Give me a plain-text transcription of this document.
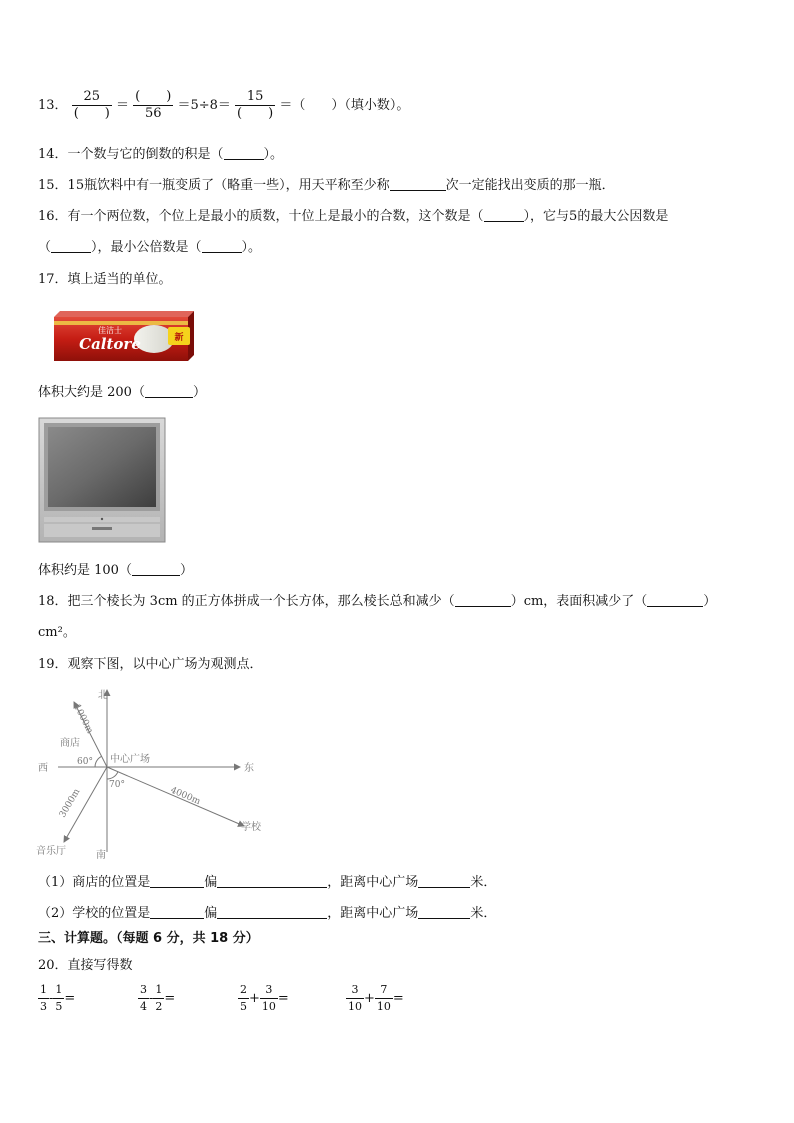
13． $\frac{25}{( )} = \frac{( )}{56} =5\div 8= \frac{15}{( )}$ ＝（　　）（填小数）。
14．一个数与它的倒数的积是（	）。
15．15瓶饮料中有一瓶变质了（略重一些），用天平称至少称	次一定能找出变质的那一瓶．
16．有一个两位数，个位上是最小的质数，十位上是最小的合数，这个数是（	），它与5的最大公因数是
（	），最小公倍数是（	）。
17．填上适当的单位。
新
佳洁士
Caltore
体积大约是 200（	）
体积约是 100（	）
18．把三个棱长为 3cm 的正方体拼成一个长方体，那么棱长总和减少（	）cm，表面积减少了（	）
cm²。
19．观察下图，以中心广场为观测点．
北
南
东
西
中心广场
商店
学校
音乐厅
1000m
4000m
3000m
60°
70°
（1）商店的位置是	偏	，距离中心广场	米．
（2）学校的位置是	偏	，距离中心广场	米．
三、计算题。（每题 6 分，共 18 分）
20．直接写得数
$\frac{1}{3} - \frac{1}{5}$ =	$\frac{3}{4} - \frac{1}{2}$ =	$\frac{2}{5} + \frac{3}{10}$ =	$\frac{3}{10} + \frac{7}{10}$ =
